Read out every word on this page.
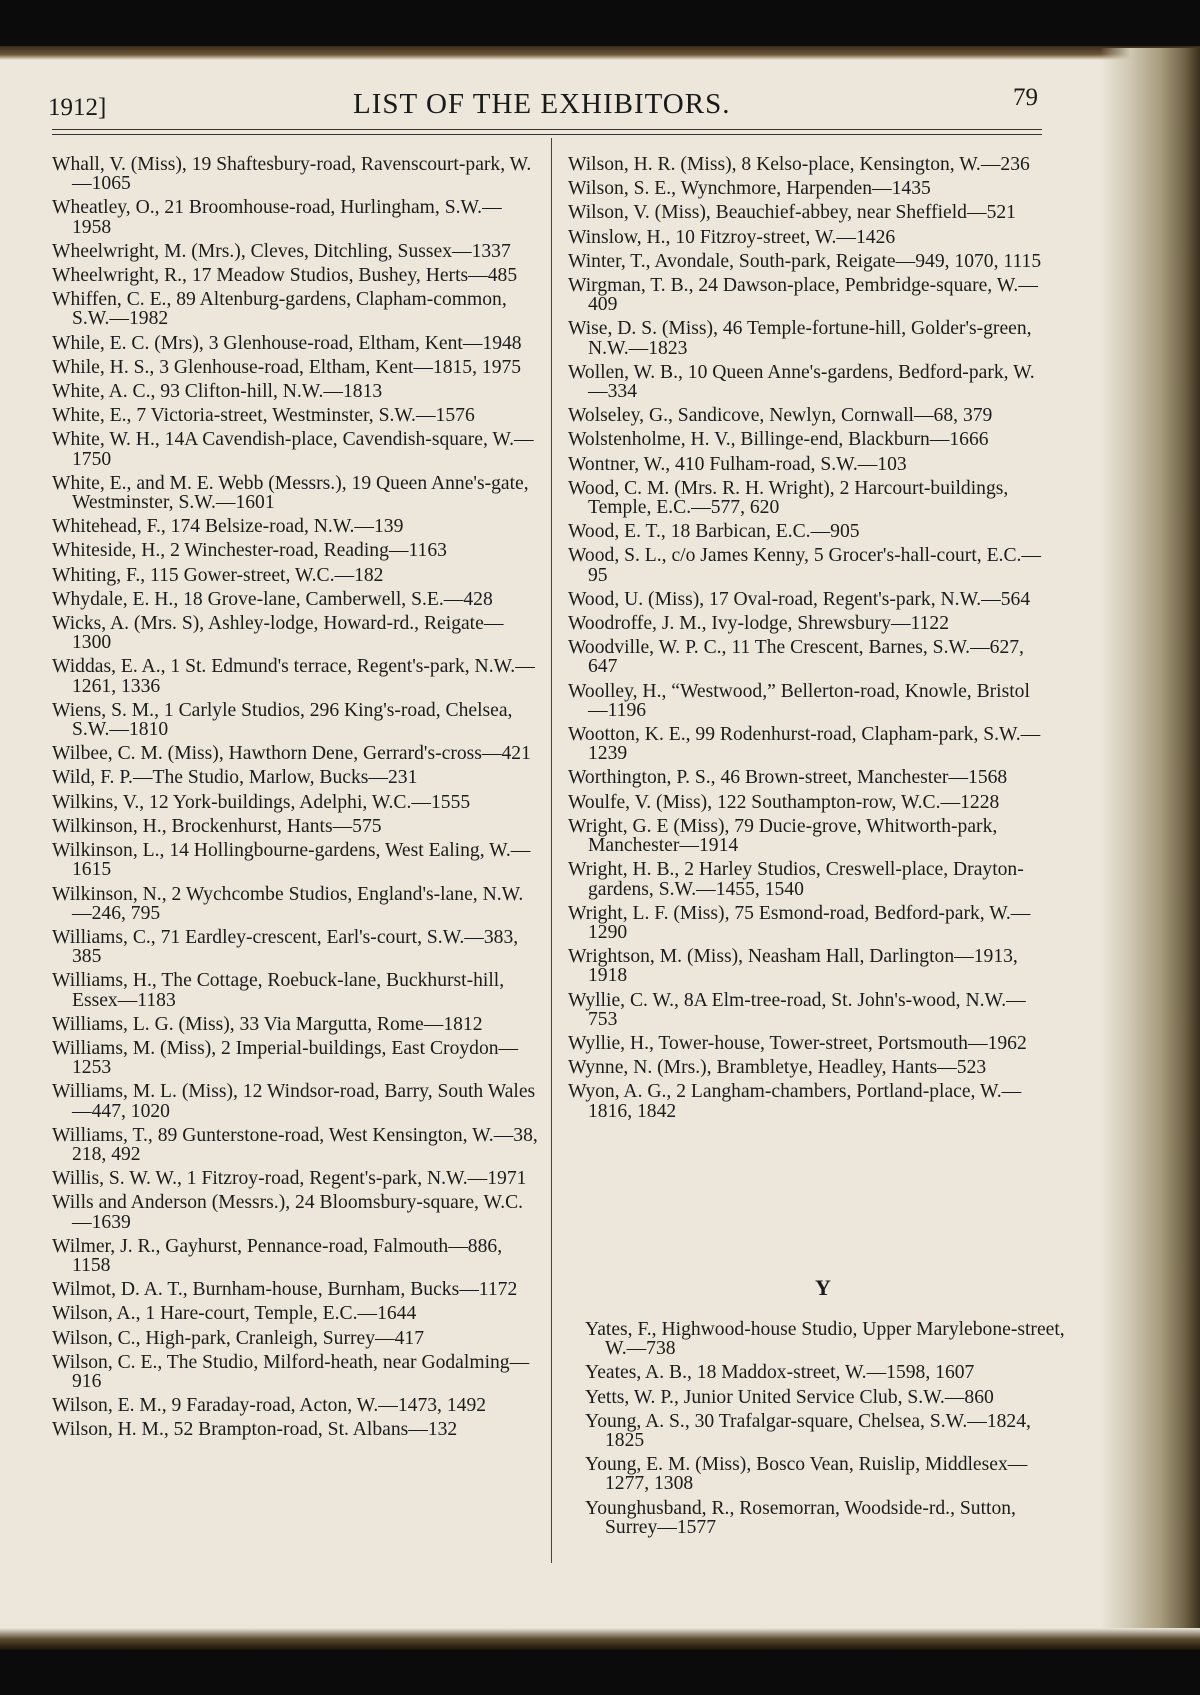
1912]	LIST OF THE EXHIBITORS.	79

Whall, V. (Miss), 19 Shaftesbury-road, Ravenscourt-park, W.—1065

Wheatley, O., 21 Broomhouse-road, Hurlingham, S.W.—1958

Wheelwright, M. (Mrs.), Cleves, Ditchling, Sussex—1337

Wheelwright, R., 17 Meadow Studios, Bushey, Herts—485

Whiffen, C. E., 89 Altenburg-gardens, Clapham-common, S.W.—1982

While, E. C. (Mrs), 3 Glenhouse-road, Eltham, Kent—1948

While, H. S., 3 Glenhouse-road, Eltham, Kent—1815, 1975

White, A. C., 93 Clifton-hill, N.W.—1813

White, E., 7 Victoria-street, Westminster, S.W.—1576

White, W. H., 14A Cavendish-place, Cavendish-square, W.—1750

White, E., and M. E. Webb (Messrs.), 19 Queen Anne's-gate, Westminster, S.W.—1601

Whitehead, F., 174 Belsize-road, N.W.—139

Whiteside, H., 2 Winchester-road, Reading—1163

Whiting, F., 115 Gower-street, W.C.—182

Whydale, E. H., 18 Grove-lane, Camberwell, S.E.—428

Wicks, A. (Mrs. S), Ashley-lodge, Howard-rd., Reigate—1300

Widdas, E. A., 1 St. Edmund's terrace, Regent's-park, N.W.—1261, 1336

Wiens, S. M., 1 Carlyle Studios, 296 King's-road, Chelsea, S.W.—1810

Wilbee, C. M. (Miss), Hawthorn Dene, Gerrard's-cross—421

Wild, F. P.—The Studio, Marlow, Bucks—231

Wilkins, V., 12 York-buildings, Adelphi, W.C.—1555

Wilkinson, H., Brockenhurst, Hants—575

Wilkinson, L., 14 Hollingbourne-gardens, West Ealing, W.—1615

Wilkinson, N., 2 Wychcombe Studios, England's-lane, N.W.—246, 795

Williams, C., 71 Eardley-crescent, Earl's-court, S.W.—383, 385

Williams, H., The Cottage, Roebuck-lane, Buckhurst-hill, Essex—1183

Williams, L. G. (Miss), 33 Via Margutta, Rome—1812

Williams, M. (Miss), 2 Imperial-buildings, East Croydon—1253

Williams, M. L. (Miss), 12 Windsor-road, Barry, South Wales—447, 1020

Williams, T., 89 Gunterstone-road, West Kensington, W.—38, 218, 492

Willis, S. W. W., 1 Fitzroy-road, Regent's-park, N.W.—1971

Wills and Anderson (Messrs.), 24 Bloomsbury-square, W.C.—1639

Wilmer, J. R., Gayhurst, Pennance-road, Falmouth—886, 1158

Wilmot, D. A. T., Burnham-house, Burnham, Bucks—1172

Wilson, A., 1 Hare-court, Temple, E.C.—1644

Wilson, C., High-park, Cranleigh, Surrey—417

Wilson, C. E., The Studio, Milford-heath, near Godalming—916

Wilson, E. M., 9 Faraday-road, Acton, W.—1473, 1492

Wilson, H. M., 52 Brampton-road, St. Albans—132

Wilson, H. R. (Miss), 8 Kelso-place, Kensington, W.—236

Wilson, S. E., Wynchmore, Harpenden—1435

Wilson, V. (Miss), Beauchief-abbey, near Sheffield—521

Winslow, H., 10 Fitzroy-street, W.—1426

Winter, T., Avondale, South-park, Reigate—949, 1070, 1115

Wirgman, T. B., 24 Dawson-place, Pembridge-square, W.—409

Wise, D. S. (Miss), 46 Temple-fortune-hill, Golder's-green, N.W.—1823

Wollen, W. B., 10 Queen Anne's-gardens, Bedford-park, W.—334

Wolseley, G., Sandicove, Newlyn, Cornwall—68, 379

Wolstenholme, H. V., Billinge-end, Blackburn—1666

Wontner, W., 410 Fulham-road, S.W.—103

Wood, C. M. (Mrs. R. H. Wright), 2 Harcourt-buildings, Temple, E.C.—577, 620

Wood, E. T., 18 Barbican, E.C.—905

Wood, S. L., c/o James Kenny, 5 Grocer's-hall-court, E.C.—95

Wood, U. (Miss), 17 Oval-road, Regent's-park, N.W.—564

Woodroffe, J. M., Ivy-lodge, Shrewsbury—1122

Woodville, W. P. C., 11 The Crescent, Barnes, S.W.—627, 647

Woolley, H., “Westwood,” Bellerton-road, Knowle, Bristol—1196

Wootton, K. E., 99 Rodenhurst-road, Clapham-park, S.W.—1239

Worthington, P. S., 46 Brown-street, Manchester—1568

Woulfe, V. (Miss), 122 Southampton-row, W.C.—1228

Wright, G. E (Miss), 79 Ducie-grove, Whitworth-park, Manchester—1914

Wright, H. B., 2 Harley Studios, Creswell-place, Drayton-gardens, S.W.—1455, 1540

Wright, L. F. (Miss), 75 Esmond-road, Bedford-park, W.—1290

Wrightson, M. (Miss), Neasham Hall, Darlington—1913, 1918

Wyllie, C. W., 8A Elm-tree-road, St. John's-wood, N.W.—753

Wyllie, H., Tower-house, Tower-street, Portsmouth—1962

Wynne, N. (Mrs.), Brambletye, Headley, Hants—523

Wyon, A. G., 2 Langham-chambers, Portland-place, W.—1816, 1842

Y

Yates, F., Highwood-house Studio, Upper Marylebone-street, W.—738

Yeates, A. B., 18 Maddox-street, W.—1598, 1607

Yetts, W. P., Junior United Service Club, S.W.—860

Young, A. S., 30 Trafalgar-square, Chelsea, S.W.—1824, 1825

Young, E. M. (Miss), Bosco Vean, Ruislip, Middlesex—1277, 1308

Younghusband, R., Rosemorran, Woodside-rd., Sutton, Surrey—1577
